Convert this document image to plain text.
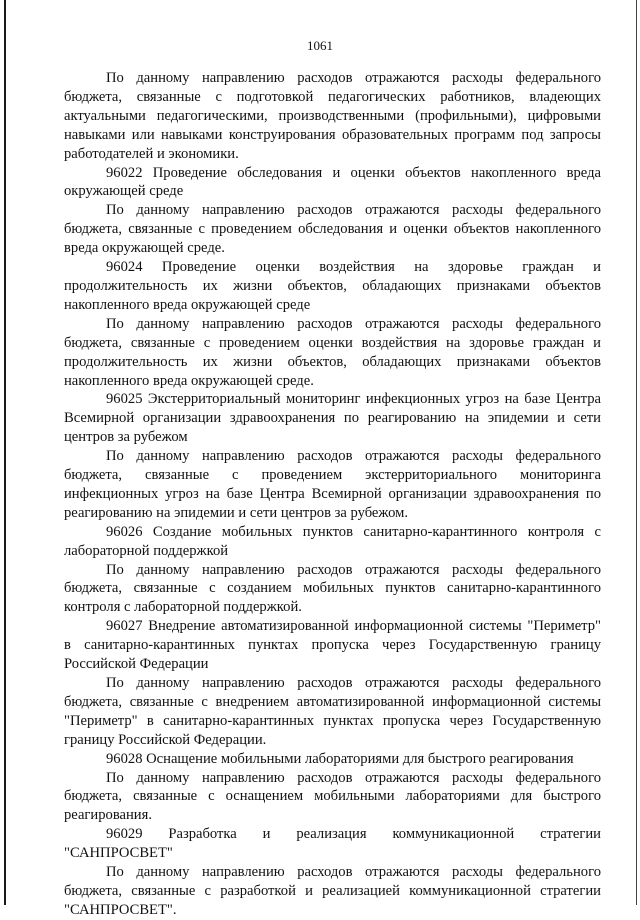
1061

По данному направлению расходов отражаются расходы федерального бюджета, связанные с подготовкой педагогических работников, владеющих актуальными педагогическими, производственными (профильными), цифровыми навыками или навыками конструирования образовательных программ под запросы работодателей и экономики.

96022 Проведение обследования и оценки объектов накопленного вреда окружающей среде

По данному направлению расходов отражаются расходы федерального бюджета, связанные с проведением обследования и оценки объектов накопленного вреда окружающей среде.

96024 Проведение оценки воздействия на здоровье граждан и продолжительность их жизни объектов, обладающих признаками объектов накопленного вреда окружающей среде

По данному направлению расходов отражаются расходы федерального бюджета, связанные с проведением оценки воздействия на здоровье граждан и продолжительность их жизни объектов, обладающих признаками объектов накопленного вреда окружающей среде.

96025 Экстерриториальный мониторинг инфекционных угроз на базе Центра Всемирной организации здравоохранения по реагированию на эпидемии и сети центров за рубежом

По данному направлению расходов отражаются расходы федерального бюджета, связанные с проведением экстерриториального мониторинга инфекционных угроз на базе Центра Всемирной организации здравоохранения по реагированию на эпидемии и сети центров за рубежом.

96026 Создание мобильных пунктов санитарно-карантинного контроля с лабораторной поддержкой

По данному направлению расходов отражаются расходы федерального бюджета, связанные с созданием мобильных пунктов санитарно-карантинного контроля с лабораторной поддержкой.

96027 Внедрение автоматизированной информационной системы "Периметр" в санитарно-карантинных пунктах пропуска через Государственную границу Российской Федерации

По данному направлению расходов отражаются расходы федерального бюджета, связанные с внедрением автоматизированной информационной системы "Периметр" в санитарно-карантинных пунктах пропуска через Государственную границу Российской Федерации.

96028 Оснащение мобильными лабораториями для быстрого реагирования

По данному направлению расходов отражаются расходы федерального бюджета, связанные с оснащением мобильными лабораториями для быстрого реагирования.

96029 Разработка и реализация коммуникационной стратегии "САНПРОСВЕТ"

По данному направлению расходов отражаются расходы федерального бюджета, связанные с разработкой и реализацией коммуникационной стратегии "САНПРОСВЕТ".
